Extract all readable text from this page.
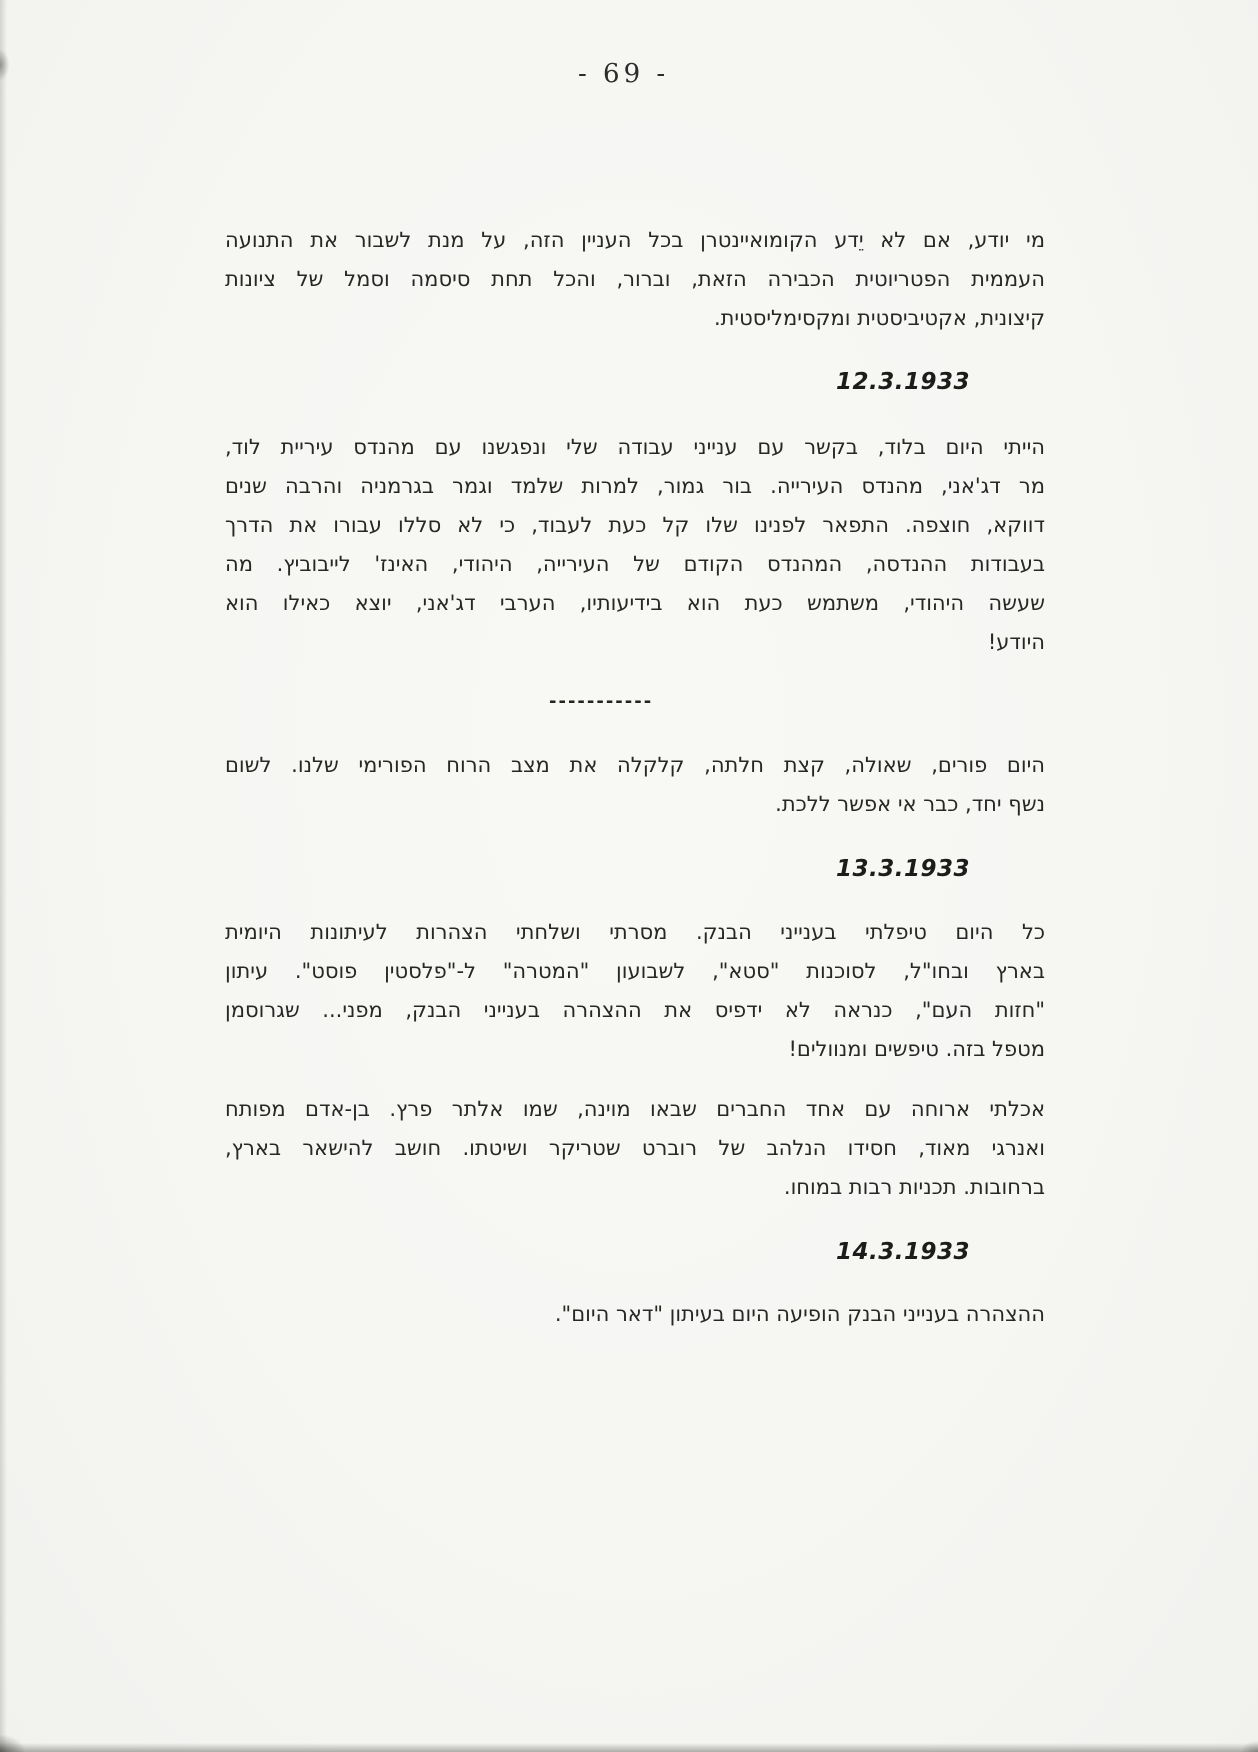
- 69 -
מי יודע, אם לא יֵדע הקומואיינטרן בכל העניין הזה, על מנת לשבור את התנועה
העממית הפטריוטית הכבירה הזאת, וברור, והכל תחת סיסמה וסמל של ציונות
קיצונית, אקטיביסטית ומקסימליסטית.
12.3.1933
הייתי היום בלוד, בקשר עם ענייני עבודה שלי ונפגשנו עם מהנדס עיריית לוד,
מר דג'אני, מהנדס העירייה. בור גמור, למרות שלמד וגמר בגרמניה והרבה שנים
דווקא, חוצפה. התפאר לפנינו שלו קל כעת לעבוד, כי לא סללו עבורו את הדרך
בעבודות ההנדסה, המהנדס הקודם של העירייה, היהודי, האינז' לייבוביץ. מה
שעשה היהודי, משתמש כעת הוא בידיעותיו, הערבי דג'אני, יוצא כאילו הוא
היודע!
-----------
היום פורים, שאולה, קצת חלתה, קלקלה את מצב הרוח הפורימי שלנו. לשום
נשף יחד, כבר אי אפשר ללכת.
13.3.1933
כל היום טיפלתי בענייני הבנק. מסרתי ושלחתי הצהרות לעיתונות היומית
בארץ ובחו"ל, לסוכנות "סטא", לשבועון "המטרה" ל-"פלסטין פוסט". עיתון
"חזות העם", כנראה לא ידפיס את ההצהרה בענייני הבנק, מפני... שגרוסמן
מטפל בזה. טיפשים ומנוולים!
אכלתי ארוחה עם אחד החברים שבאו מוינה, שמו אלתר פרץ. בן-אדם מפותח
ואנרגי מאוד, חסידו הנלהב של רוברט שטריקר ושיטתו. חושב להישאר בארץ,
ברחובות. תכניות רבות במוחו.
14.3.1933
ההצהרה בענייני הבנק הופיעה היום בעיתון "דאר היום".
